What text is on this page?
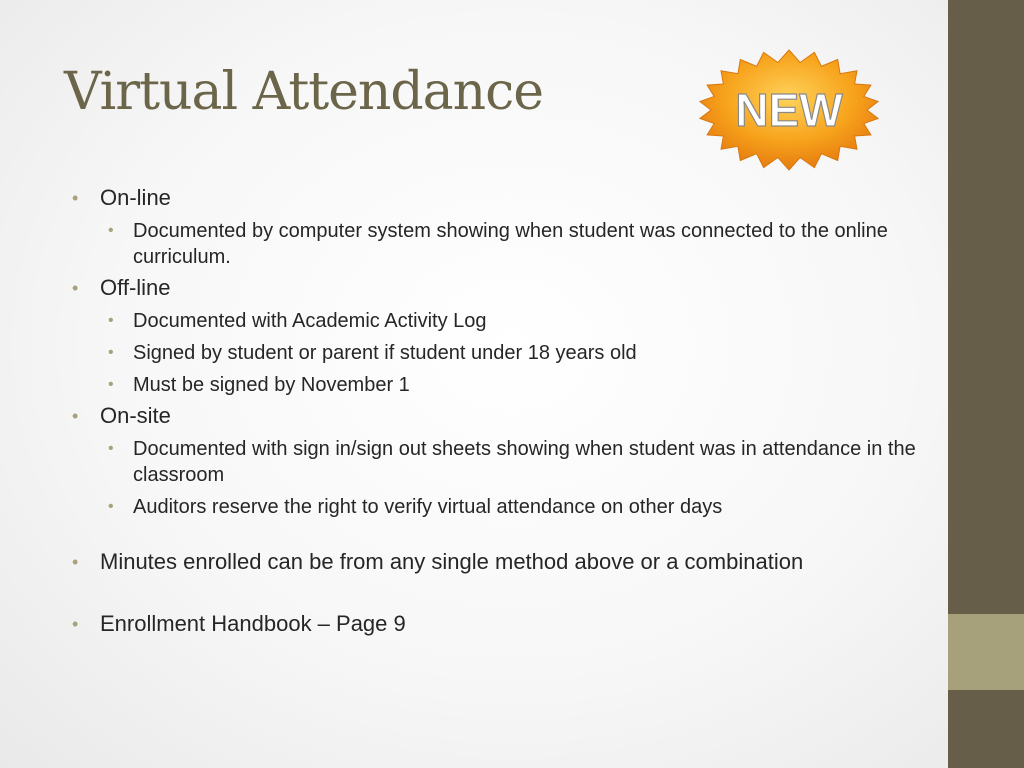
Virtual Attendance	NEW
• On-line
• Documented by computer system showing when student was connected to the online curriculum.
• Off-line
• Documented with Academic Activity Log
• Signed by student or parent if student under 18 years old
• Must be signed by November 1
• On-site
• Documented with sign in/sign out sheets showing when student was in attendance in the classroom
• Auditors reserve the right to verify virtual attendance on other days
• Minutes enrolled can be from any single method above or a combination
• Enrollment Handbook – Page 9
